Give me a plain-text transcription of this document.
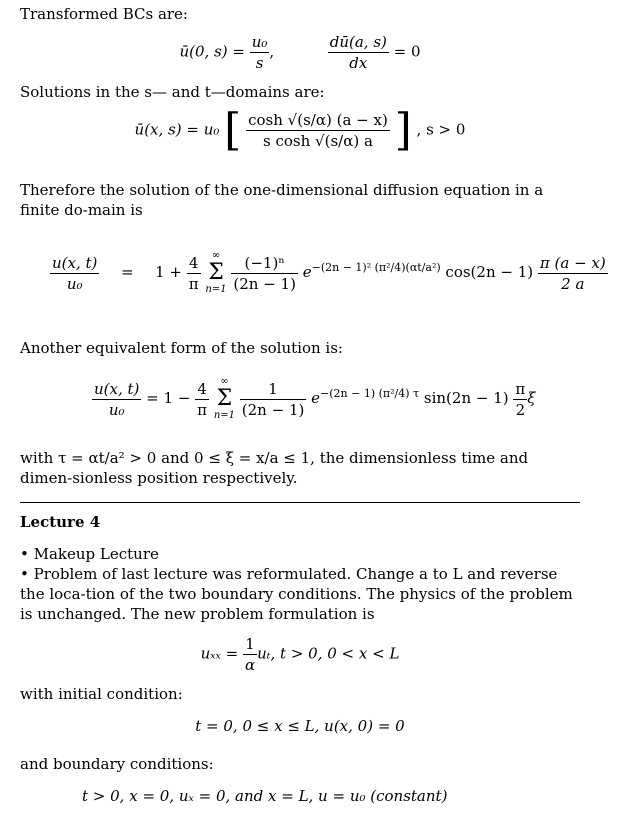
Transformed BCs are:
ū(0, $s) = \frac{\text{u₀}}{s}$ ,	$\frac{dū(a, s)}{dx} = 0$
Solutions in the s— and t—domains are:
ū(x, s) = u₀ [ $\frac{\cosh √(s/\alpha) (a - x)}{\text{s cosh √(s/α) a}}$ ] , s > 0
Therefore the solution of the one-dimensional diffusion equation in a finite do-main is
$\frac{u(x, t)}{\text{u₀}} = 1 + \frac{4}{\pi}$
	∞
Σ
n=1
$\frac{\text{(−1)ⁿ}}{(2n - 1)} e^{-(2n - 1)^2 (\pi^2/4)(\alpha t/a^2)}$ $\cos(2n - 1) \frac{\pi (a - x)}{2 a}$
Another equivalent form of the solution is:
$\frac{u(x, t)}{\text{u₀}} = 1 - \frac{4}{\pi}$
	∞
Σ
n=1
$\frac{1}{(2n - 1)} e^{-(2n - 1) (\pi^2/4) \tau}$ $\sin(2n - 1) \frac{\pi}{2}$ ξ
with τ = αt/a² > 0 and 0 ≤ ξ = x/a ≤ 1, the dimensionless time and dimen-sionless position respectively.
Lecture 4
• Makeup Lecture
• Problem of last lecture was reformulated. Change a to L and reverse the loca-tion of the two boundary conditions. The physics of the problem is unchanged. The new problem formulation is
$u_{xx} = \frac{1}{\alpha} u_t$, t > 0, 0 < x < L
with initial condition:
t = 0, 0 ≤ x ≤ L, u(x, 0) = 0
and boundary conditions:
t > 0, x = 0, uₓ = 0, and x = L, u = u₀ (constant)
